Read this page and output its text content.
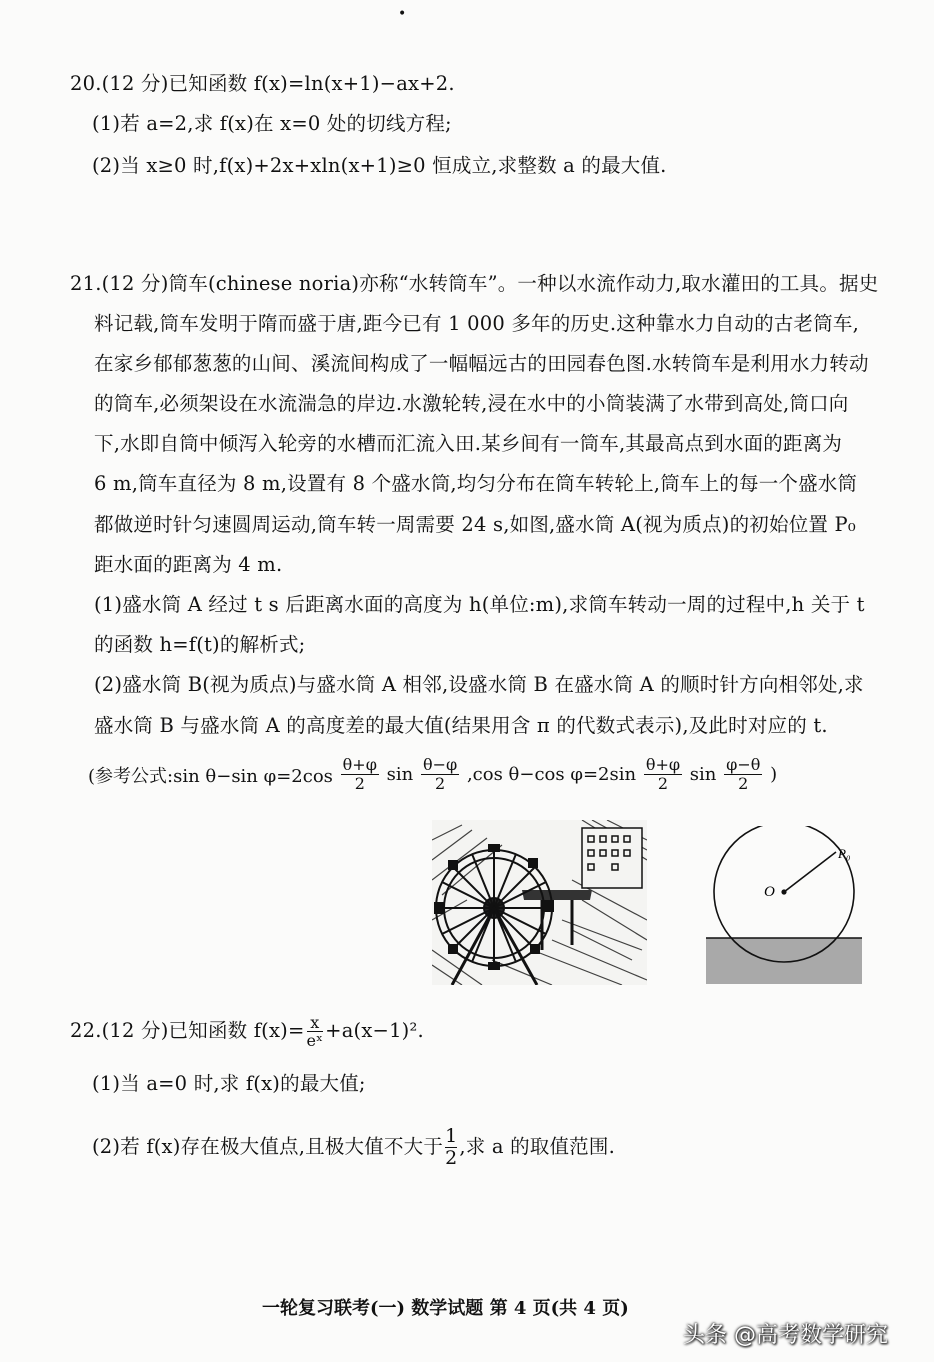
•
20.(12 分)已知函数 f(x)=ln(x+1)−ax+2.
(1)若 a=2,求 f(x)在 x=0 处的切线方程;
(2)当 x≥0 时,f(x)+2x+xln(x+1)≥0 恒成立,求整数 a 的最大值.
21.(12 分)筒车(chinese noria)亦称“水转筒车”。一种以水流作动力,取水灌田的工具。据史
料记载,筒车发明于隋而盛于唐,距今已有 1 000 多年的历史.这种靠水力自动的古老筒车,
在家乡郁郁葱葱的山间、溪流间构成了一幅幅远古的田园春色图.水转筒车是利用水力转动
的筒车,必须架设在水流湍急的岸边.水激轮转,浸在水中的小筒装满了水带到高处,筒口向
下,水即自筒中倾泻入轮旁的水槽而汇流入田.某乡间有一筒车,其最高点到水面的距离为
6 m,筒车直径为 8 m,设置有 8 个盛水筒,均匀分布在筒车转轮上,筒车上的每一个盛水筒
都做逆时针匀速圆周运动,筒车转一周需要 24 s,如图,盛水筒 A(视为质点)的初始位置 P₀
距水面的距离为 4 m.
(1)盛水筒 A 经过 t s 后距离水面的高度为 h(单位:m),求筒车转动一周的过程中,h 关于 t
的函数 h=f(t)的解析式;
(2)盛水筒 B(视为质点)与盛水筒 A 相邻,设盛水筒 B 在盛水筒 A 的顺时针方向相邻处,求
盛水筒 B 与盛水筒 A 的高度差的最大值(结果用含 π 的代数式表示),及此时对应的 t.
(参考公式:sin θ−sin $\varphi=2\cos \frac{\theta+\varphi}{2}$ $\sin \frac{\theta-\varphi}{2} ,\cos$ θ−cos $\varphi=2\sin \frac{\theta+\varphi}{2}$ $\sin \frac{\varphi-\theta}{2}$ )
O
P₀
22.(12 分)已知函数 $f(x)= \frac{x}{\text{eˣ}} +a(x-1)^2$.
(1)当 a=0 时,求 f(x)的最大值;
(2)若 f(x)存在极大值点,且极大值不大于 $\frac{1}{2}$ ,求 a 的取值范围.
一轮复习联考(一) 数学试题 第 4 页(共 4 页)
头条 @高考数学研究
